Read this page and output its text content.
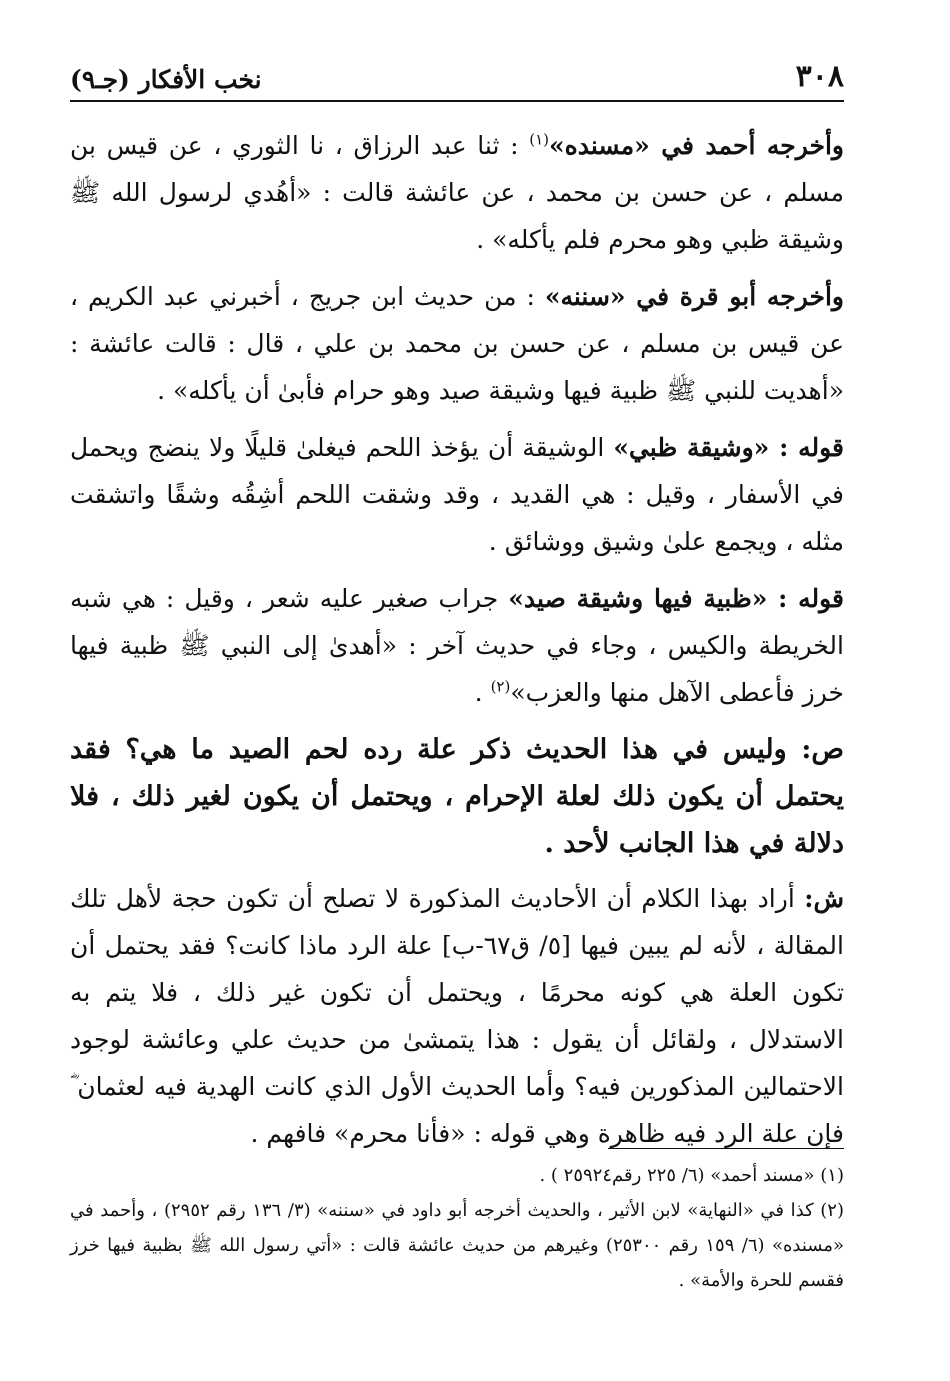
٣٠٨
نخب الأفكار (جـ٩)

وأخرجه أحمد في «مسنده»$^{(١)}$ : ثنا عبد الرزاق ، نا الثوري ، عن قيس بن مسلم ، عن حسن بن محمد ، عن عائشة قالت : «أهُدي لرسول الله ﷺ وشيقة ظبي وهو محرم فلم يأكله» .

وأخرجه أبو قرة في «سننه» : من حديث ابن جريج ، أخبرني عبد الكريم ، عن قيس بن مسلم ، عن حسن بن محمد بن علي ، قال : قالت عائشة : «أهديت للنبي ﷺ ظبية فيها وشيقة صيد وهو حرام فأبىٰ أن يأكله» .

قوله : «وشيقة ظبي» الوشيقة أن يؤخذ اللحم فيغلىٰ قليلًا ولا ينضج ويحمل في الأسفار ، وقيل : هي القديد ، وقد وشقت اللحم أشِقُه وشقًا واتشقت مثله ، ويجمع علىٰ وشيق ووشائق .

قوله : «ظبية فيها وشيقة صيد» جراب صغير عليه شعر ، وقيل : هي شبه الخريطة والكيس ، وجاء في حديث آخر : «أهدىٰ إلى النبي ﷺ ظبية فيها خرز فأعطى الآهل منها والعزب»$^{(٢)}$ .

ص: وليس في هذا الحديث ذكر علة رده لحم الصيد ما هي؟ فقد يحتمل أن يكون ذلك لعلة الإحرام ، ويحتمل أن يكون لغير ذلك ، فلا دلالة في هذا الجانب لأحد .

ش: أراد بهذا الكلام أن الأحاديث المذكورة لا تصلح أن تكون حجة لأهل تلك المقالة ، لأنه لم يبين فيها [٥/ ق٦٧-ب] علة الرد ماذا كانت؟ فقد يحتمل أن تكون العلة هي كونه محرمًا ، ويحتمل أن تكون غير ذلك ، فلا يتم به الاستدلال ، ولقائل أن يقول : هذا يتمشىٰ من حديث علي وعائشة لوجود الاحتمالين المذكورين فيه؟ وأما الحديث الأول الذي كانت الهدية فيه لعثمان ؓ فإن علة الرد فيه ظاهرة وهي قوله : «فأنا محرم» فافهم .

(١) «مسند أحمد» (٦/ ٢٢٥ رقم٢٥٩٢٤ ) .

(٢) كذا في «النهاية» لابن الأثير ، والحديث أخرجه أبو داود في «سننه» (٣/ ١٣٦ رقم ٢٩٥٢) ، وأحمد في «مسنده» (٦/ ١٥٩ رقم ٢٥٣٠٠) وغيرهم من حديث عائشة قالت : «أتي رسول الله ﷺ بظبية فيها خرز فقسم للحرة والأمة» .
